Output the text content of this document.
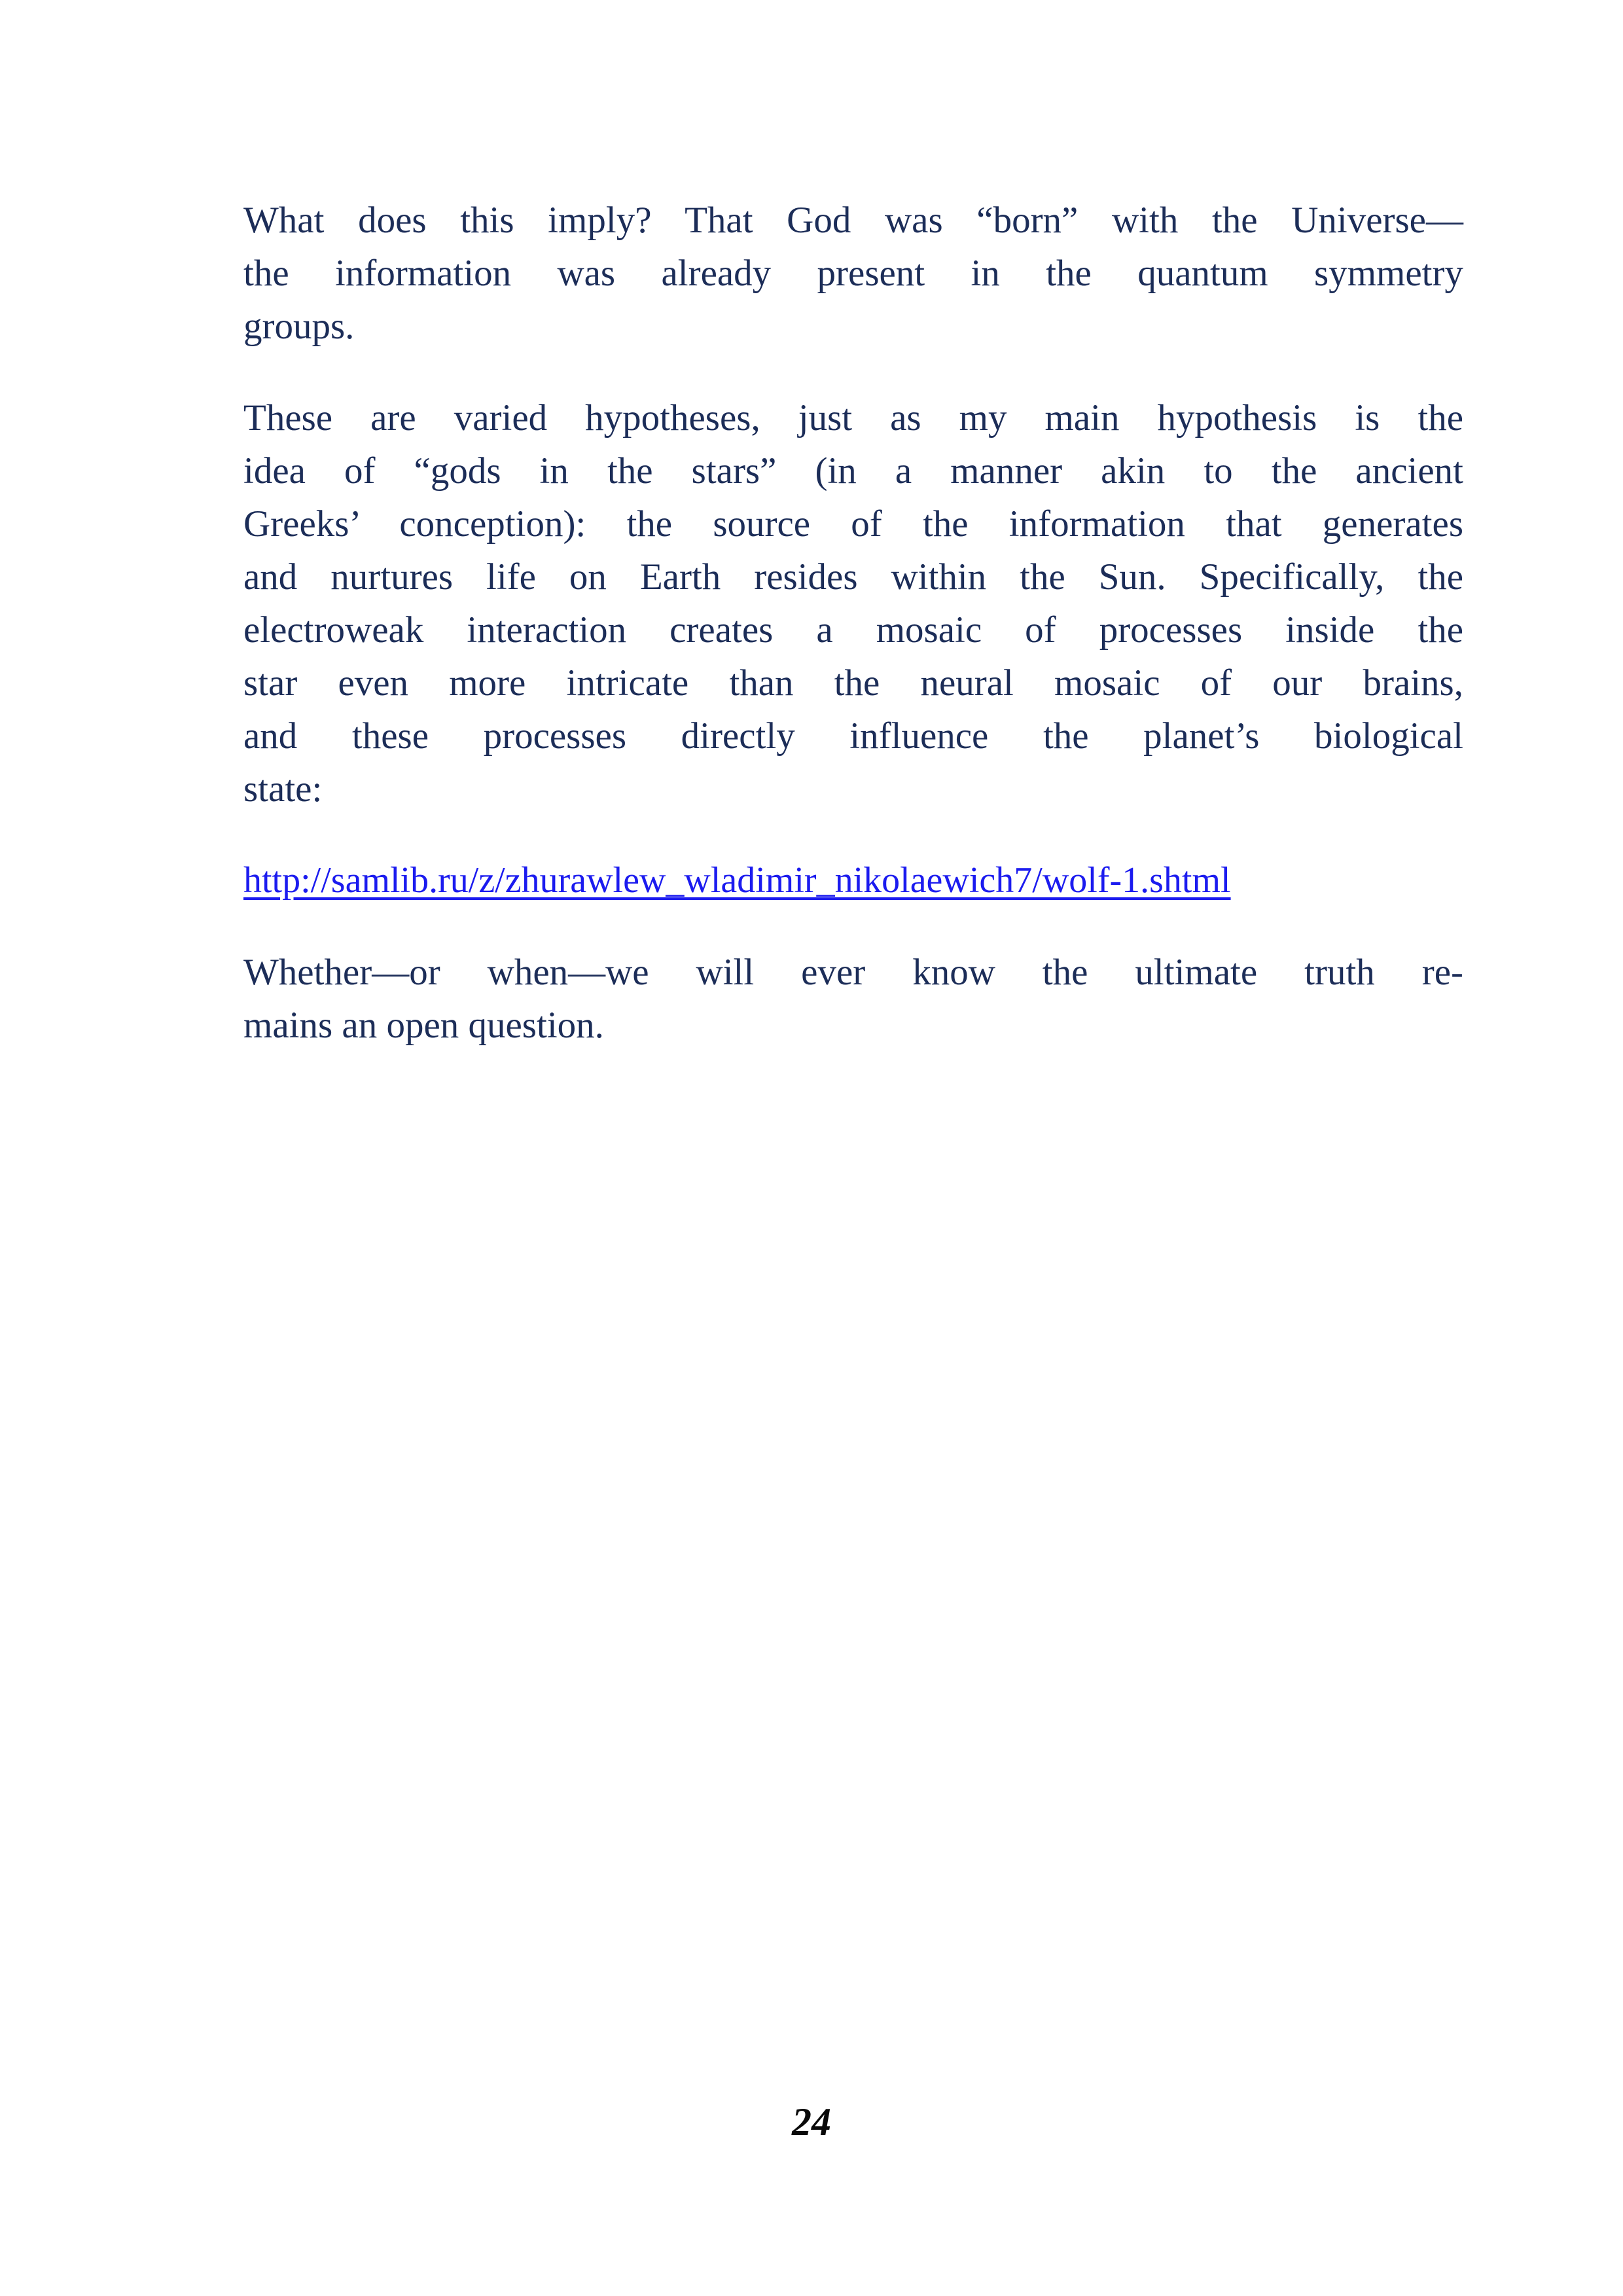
What does this imply? That God was “born” with the Universe—
the information was already present in the quantum symmetry
groups.
These are varied hypotheses, just as my main hypothesis is the
idea of “gods in the stars” (in a manner akin to the ancient
Greeks’ conception): the source of the information that generates
and nurtures life on Earth resides within the Sun. Specifically, the
electroweak interaction creates a mosaic of processes inside the
star even more intricate than the neural mosaic of our brains,
and these processes directly influence the planet’s biological
state:
http://samlib.ru/z/zhurawlew_wladimir_nikolaewich7/wolf-1.shtml
Whether—or when—we will ever know the ultimate truth re-
mains an open question.
24
